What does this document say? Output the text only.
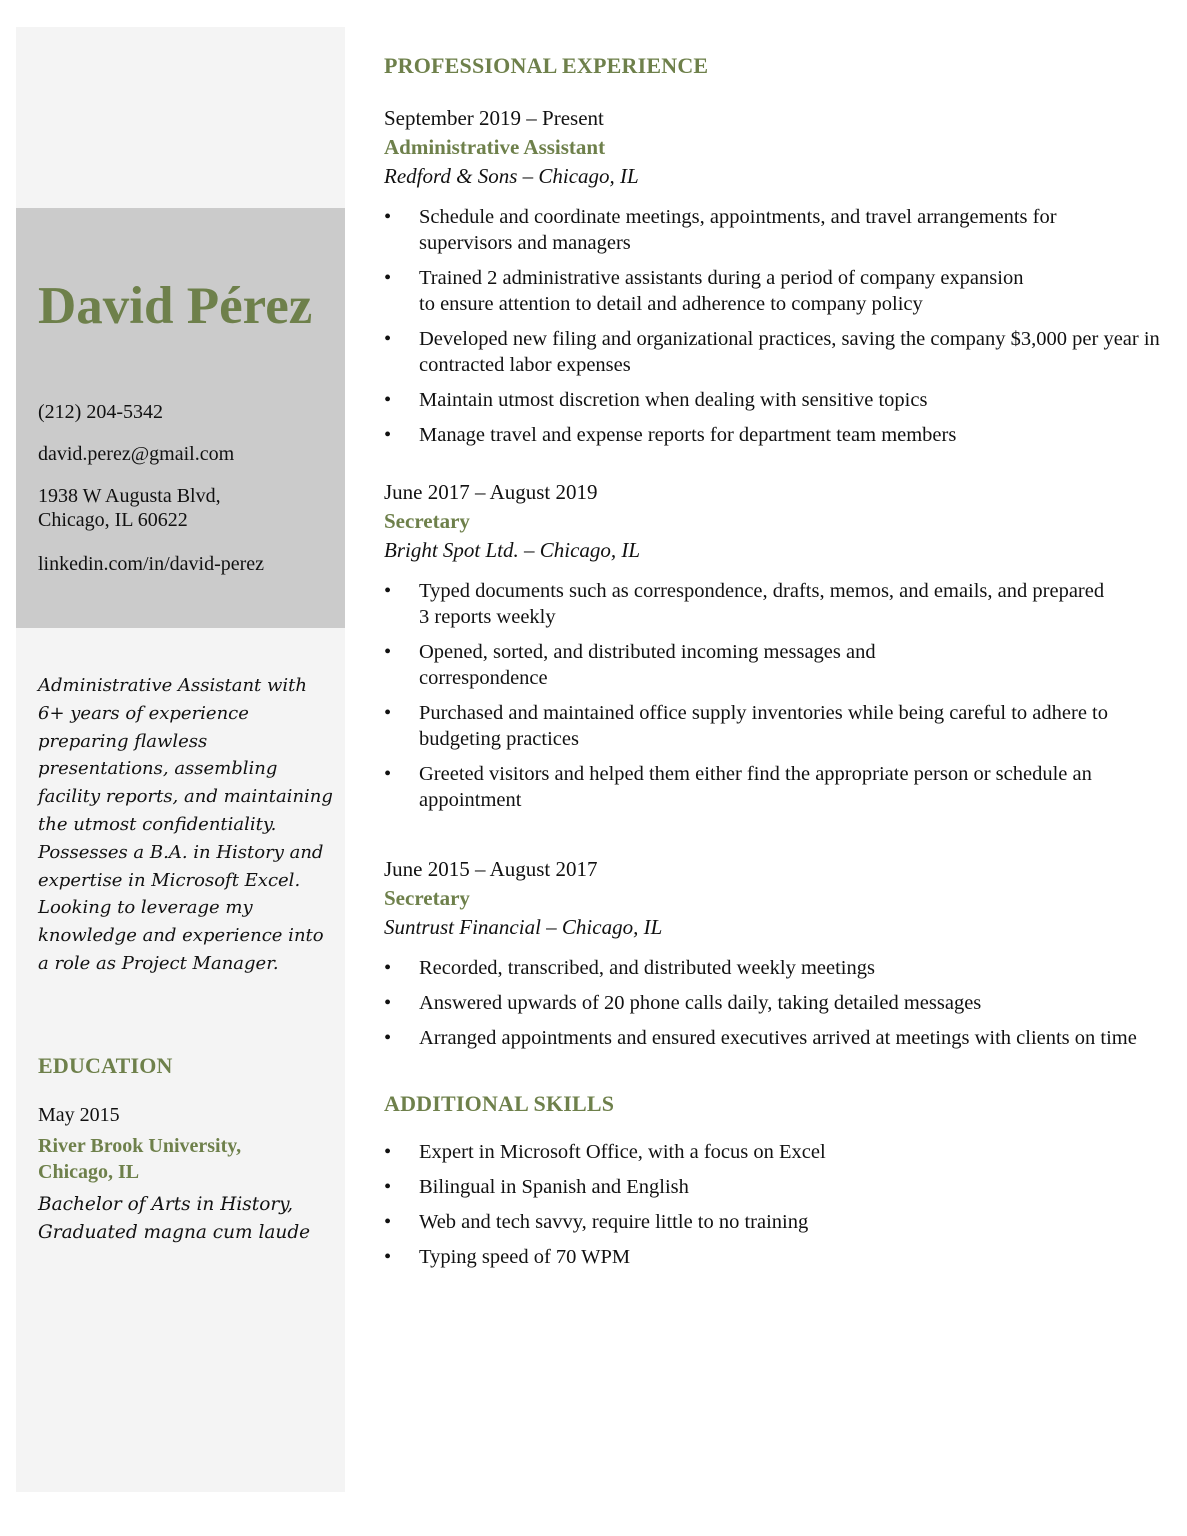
David Pérez
(212) 204-5342
david.perez@gmail.com
1938 W Augusta Blvd,
Chicago, IL 60622
linkedin.com/in/david-perez
Administrative Assistant with 6+ years of experience preparing flawless presentations, assembling facility reports, and maintaining the utmost confidentiality. Possesses a B.A. in History and expertise in Microsoft Excel. Looking to leverage my knowledge and experience into a role as Project Manager.
EDUCATION
May 2015
River Brook University,
Chicago, IL
Bachelor of Arts in History,
Graduated magna cum laude
PROFESSIONAL EXPERIENCE
September 2019 – Present
Administrative Assistant
Redford & Sons – Chicago, IL
• Schedule and coordinate meetings, appointments, and travel arrangements for supervisors and managers
• Trained 2 administrative assistants during a period of company expansion to ensure attention to detail and adherence to company policy
• Developed new filing and organizational practices, saving the company $3,000 per year in contracted labor expenses
• Maintain utmost discretion when dealing with sensitive topics
• Manage travel and expense reports for department team members
June 2017 – August 2019
Secretary
Bright Spot Ltd. – Chicago, IL
• Typed documents such as correspondence, drafts, memos, and emails, and prepared 3 reports weekly
• Opened, sorted, and distributed incoming messages and correspondence
• Purchased and maintained office supply inventories while being careful to adhere to budgeting practices
• Greeted visitors and helped them either find the appropriate person or schedule an appointment
June 2015 – August 2017
Secretary
Suntrust Financial – Chicago, IL
• Recorded, transcribed, and distributed weekly meetings
• Answered upwards of 20 phone calls daily, taking detailed messages
• Arranged appointments and ensured executives arrived at meetings with clients on time
ADDITIONAL SKILLS
• Expert in Microsoft Office, with a focus on Excel
• Bilingual in Spanish and English
• Web and tech savvy, require little to no training
• Typing speed of 70 WPM
